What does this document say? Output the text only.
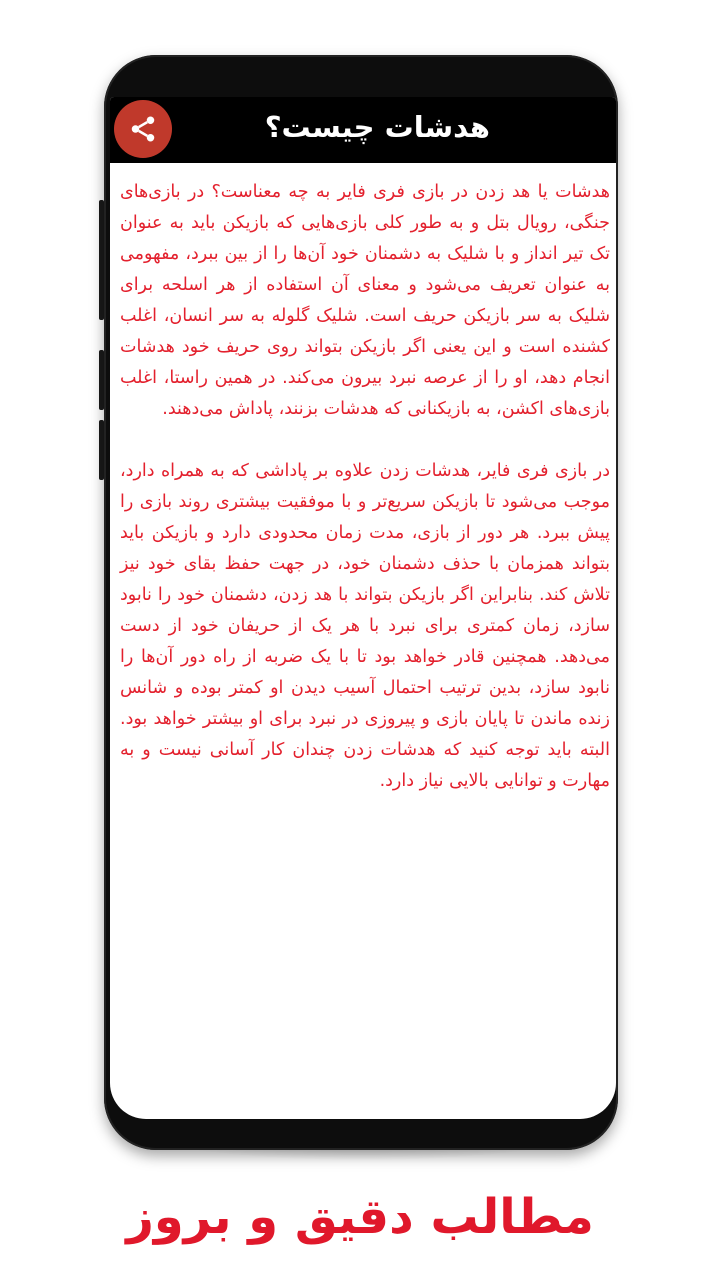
هدشات چیست؟

هدشات یا هد زدن در بازی فری فایر به چه معناست؟ در بازی‌های جنگی، رویال بتل و به طور کلی بازی‌هایی که بازیکن باید به عنوان تک تیر انداز و با شلیک به دشمنان خود آن‌ها را از بین ببرد، مفهومی به عنوان تعریف می‌شود و معنای آن استفاده از هر اسلحه برای شلیک به سر بازیکن حریف است. شلیک گلوله به سر انسان، اغلب کشنده است و این یعنی اگر بازیکن بتواند روی حریف خود هدشات انجام دهد، او را از عرصه نبرد بیرون می‌کند. در همین راستا، اغلب بازی‌های اکشن، به بازیکنانی که هدشات بزنند، پاداش می‌دهند.

در بازی فری فایر، هدشات زدن علاوه بر پاداشی که به همراه دارد، موجب می‌شود تا بازیکن سریع‌تر و با موفقیت بیشتری روند بازی را پیش ببرد. هر دور از بازی، مدت زمان محدودی دارد و بازیکن باید بتواند همزمان با حذف دشمنان خود، در جهت حفظ بقای خود نیز تلاش کند. بنابراین اگر بازیکن بتواند با هد زدن، دشمنان خود را نابود سازد، زمان کمتری برای نبرد با هر یک از حریفان خود از دست می‌دهد. همچنین قادر خواهد بود تا با یک ضربه از راه دور آن‌ها را نابود سازد، بدین ترتیب احتمال آسیب دیدن او کمتر بوده و شانس زنده ماندن تا پایان بازی و پیروزی در نبرد برای او بیشتر خواهد بود. البته باید توجه کنید که هدشات زدن چندان کار آسانی نیست و به مهارت و توانایی بالایی نیاز دارد.

مطالب دقیق و بروز
